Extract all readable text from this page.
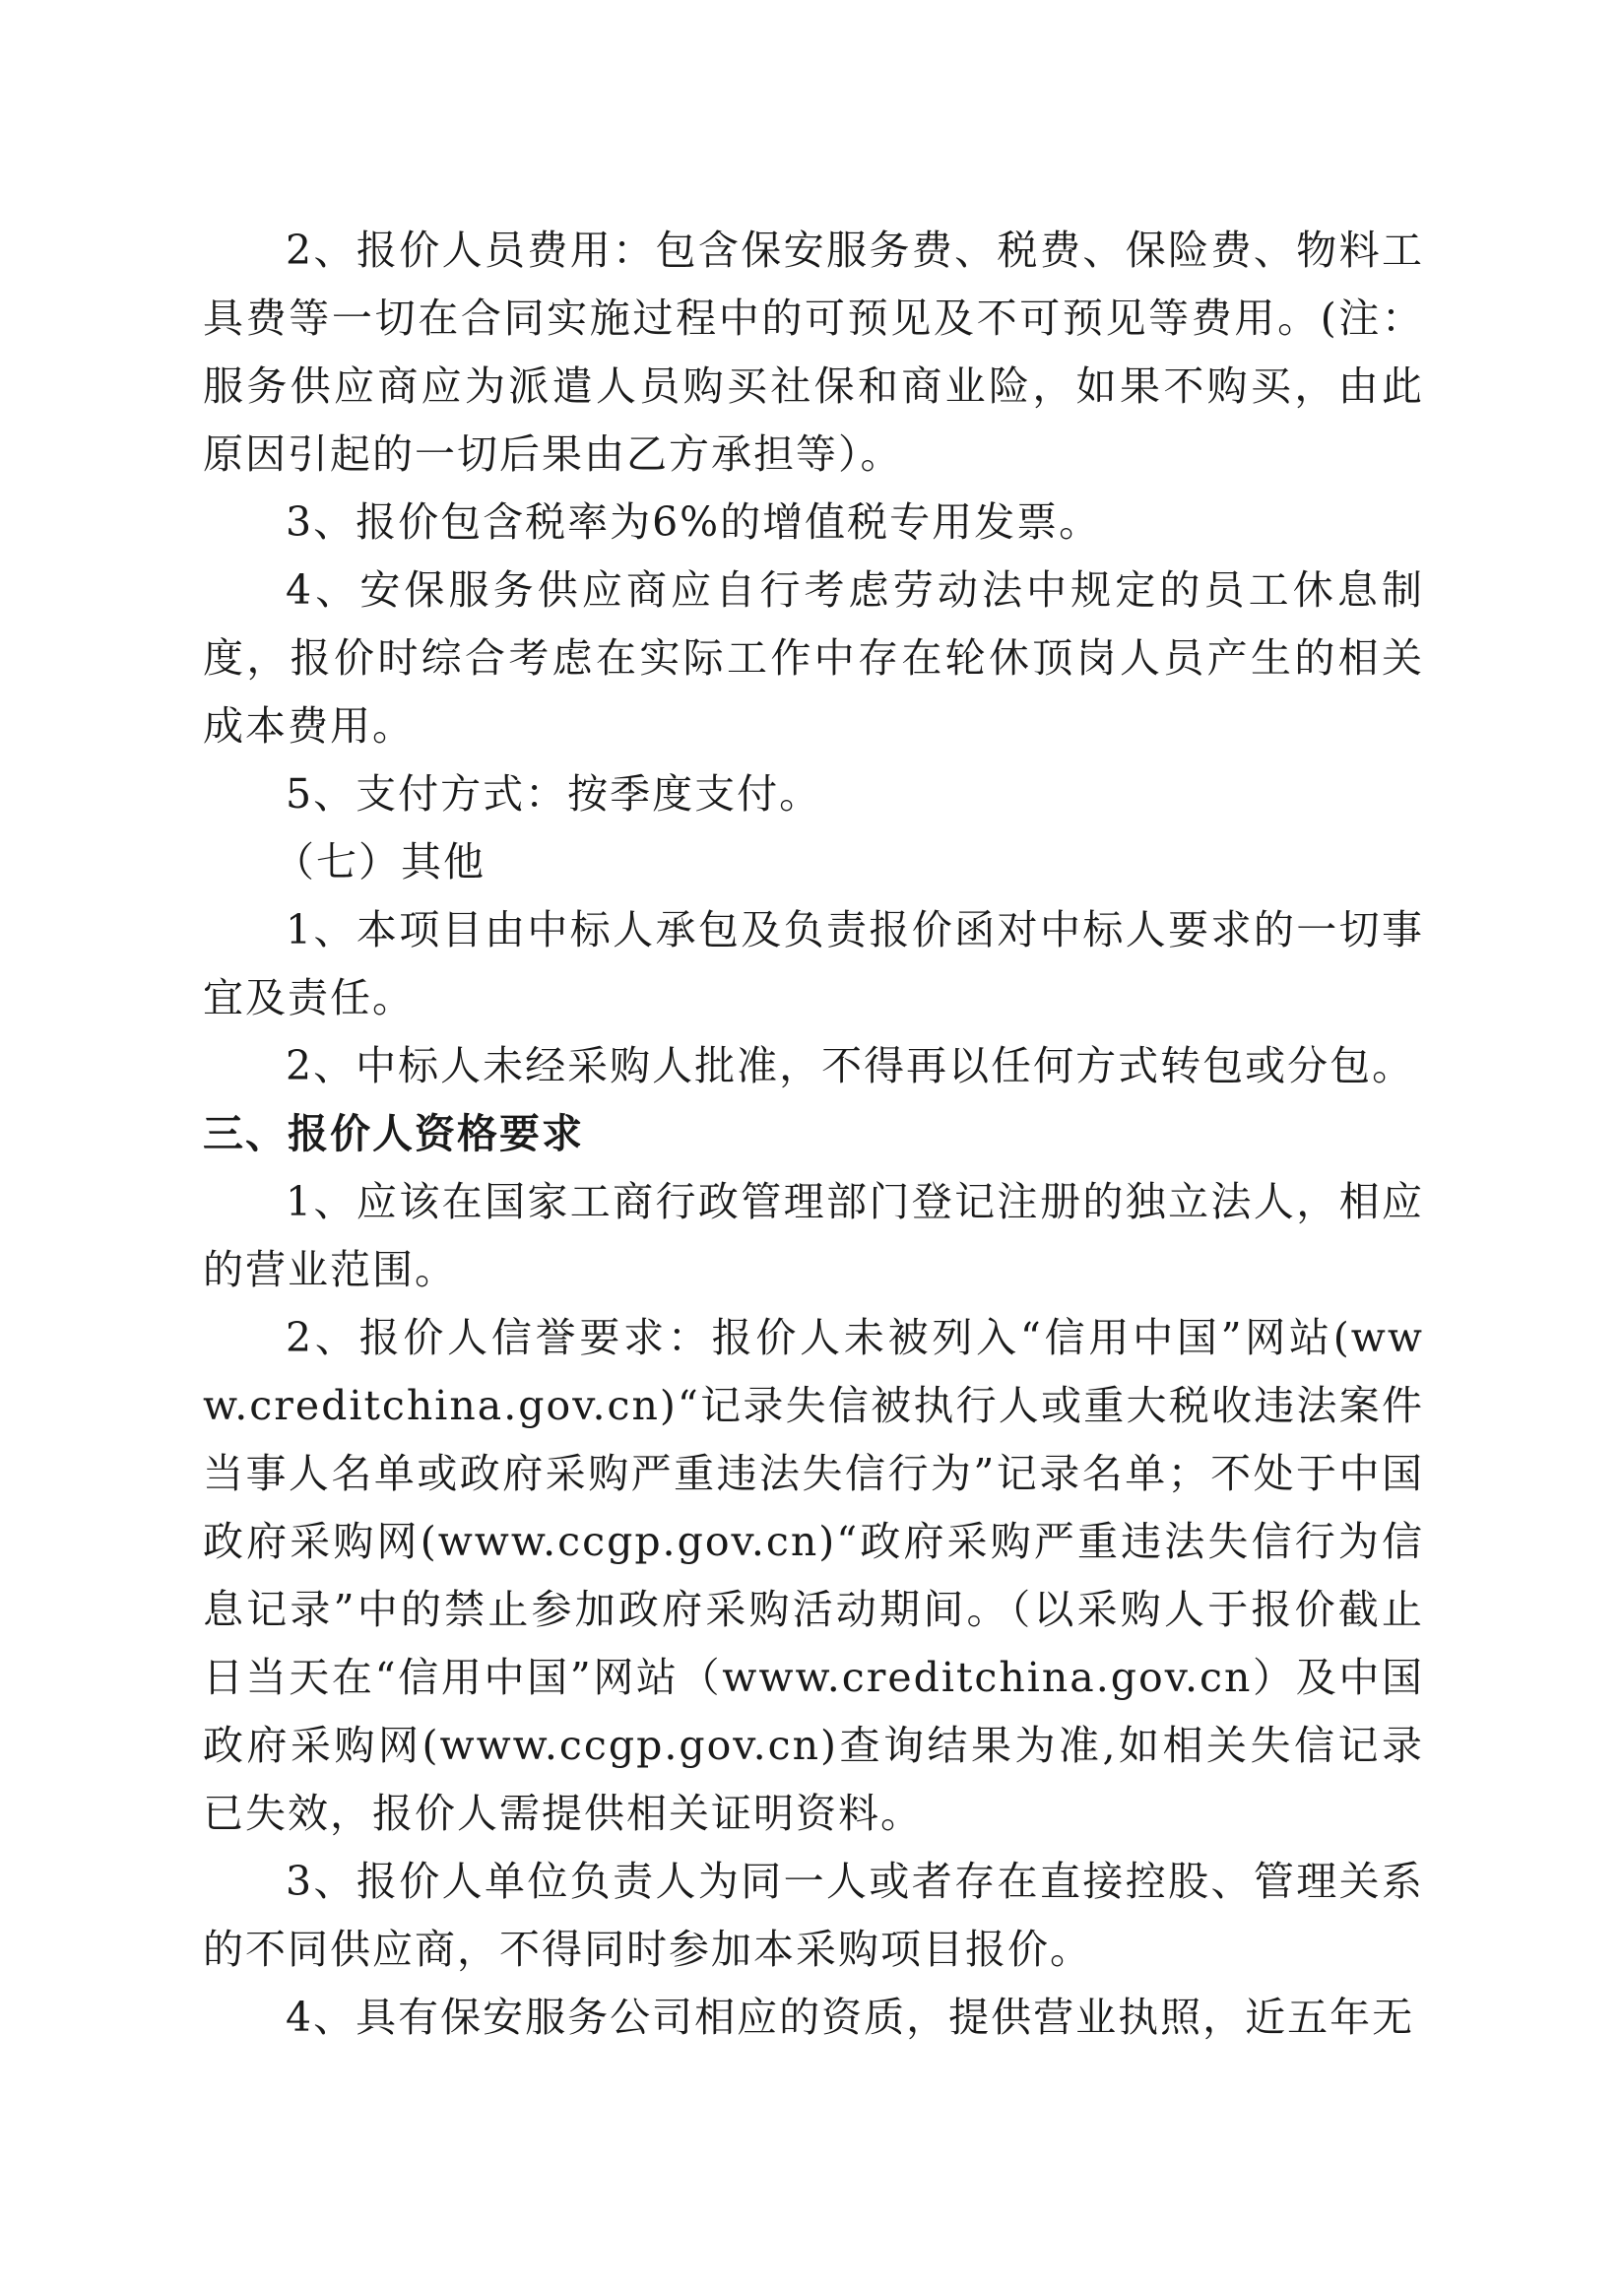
2、报价人员费用：包含保安服务费、税费、保险费、物料工具费等一切在合同实施过程中的可预见及不可预见等费用。(注：服务供应商应为派遣人员购买社保和商业险，如果不购买，由此原因引起的一切后果由乙方承担等）。

3、报价包含税率为6%的增值税专用发票。

4、安保服务供应商应自行考虑劳动法中规定的员工休息制度，报价时综合考虑在实际工作中存在轮休顶岗人员产生的相关成本费用。

5、支付方式：按季度支付。

（七）其他

1、本项目由中标人承包及负责报价函对中标人要求的一切事宜及责任。

2、中标人未经采购人批准，不得再以任何方式转包或分包。

三、报价人资格要求

1、应该在国家工商行政管理部门登记注册的独立法人，相应的营业范围。

2、报价人信誉要求：报价人未被列入“信用中国”网站(www.creditchina.gov.cn)“记录失信被执行人或重大税收违法案件当事人名单或政府采购严重违法失信行为”记录名单；不处于中国政府采购网(www.ccgp.gov.cn)“政府采购严重违法失信行为信息记录”中的禁止参加政府采购活动期间。（以采购人于报价截止日当天在“信用中国”网站（www.creditchina.gov.cn）及中国政府采购网(www.ccgp.gov.cn)查询结果为准,如相关失信记录已失效，报价人需提供相关证明资料。

3、报价人单位负责人为同一人或者存在直接控股、管理关系的不同供应商，不得同时参加本采购项目报价。

4、具有保安服务公司相应的资质，提供营业执照，近五年无
